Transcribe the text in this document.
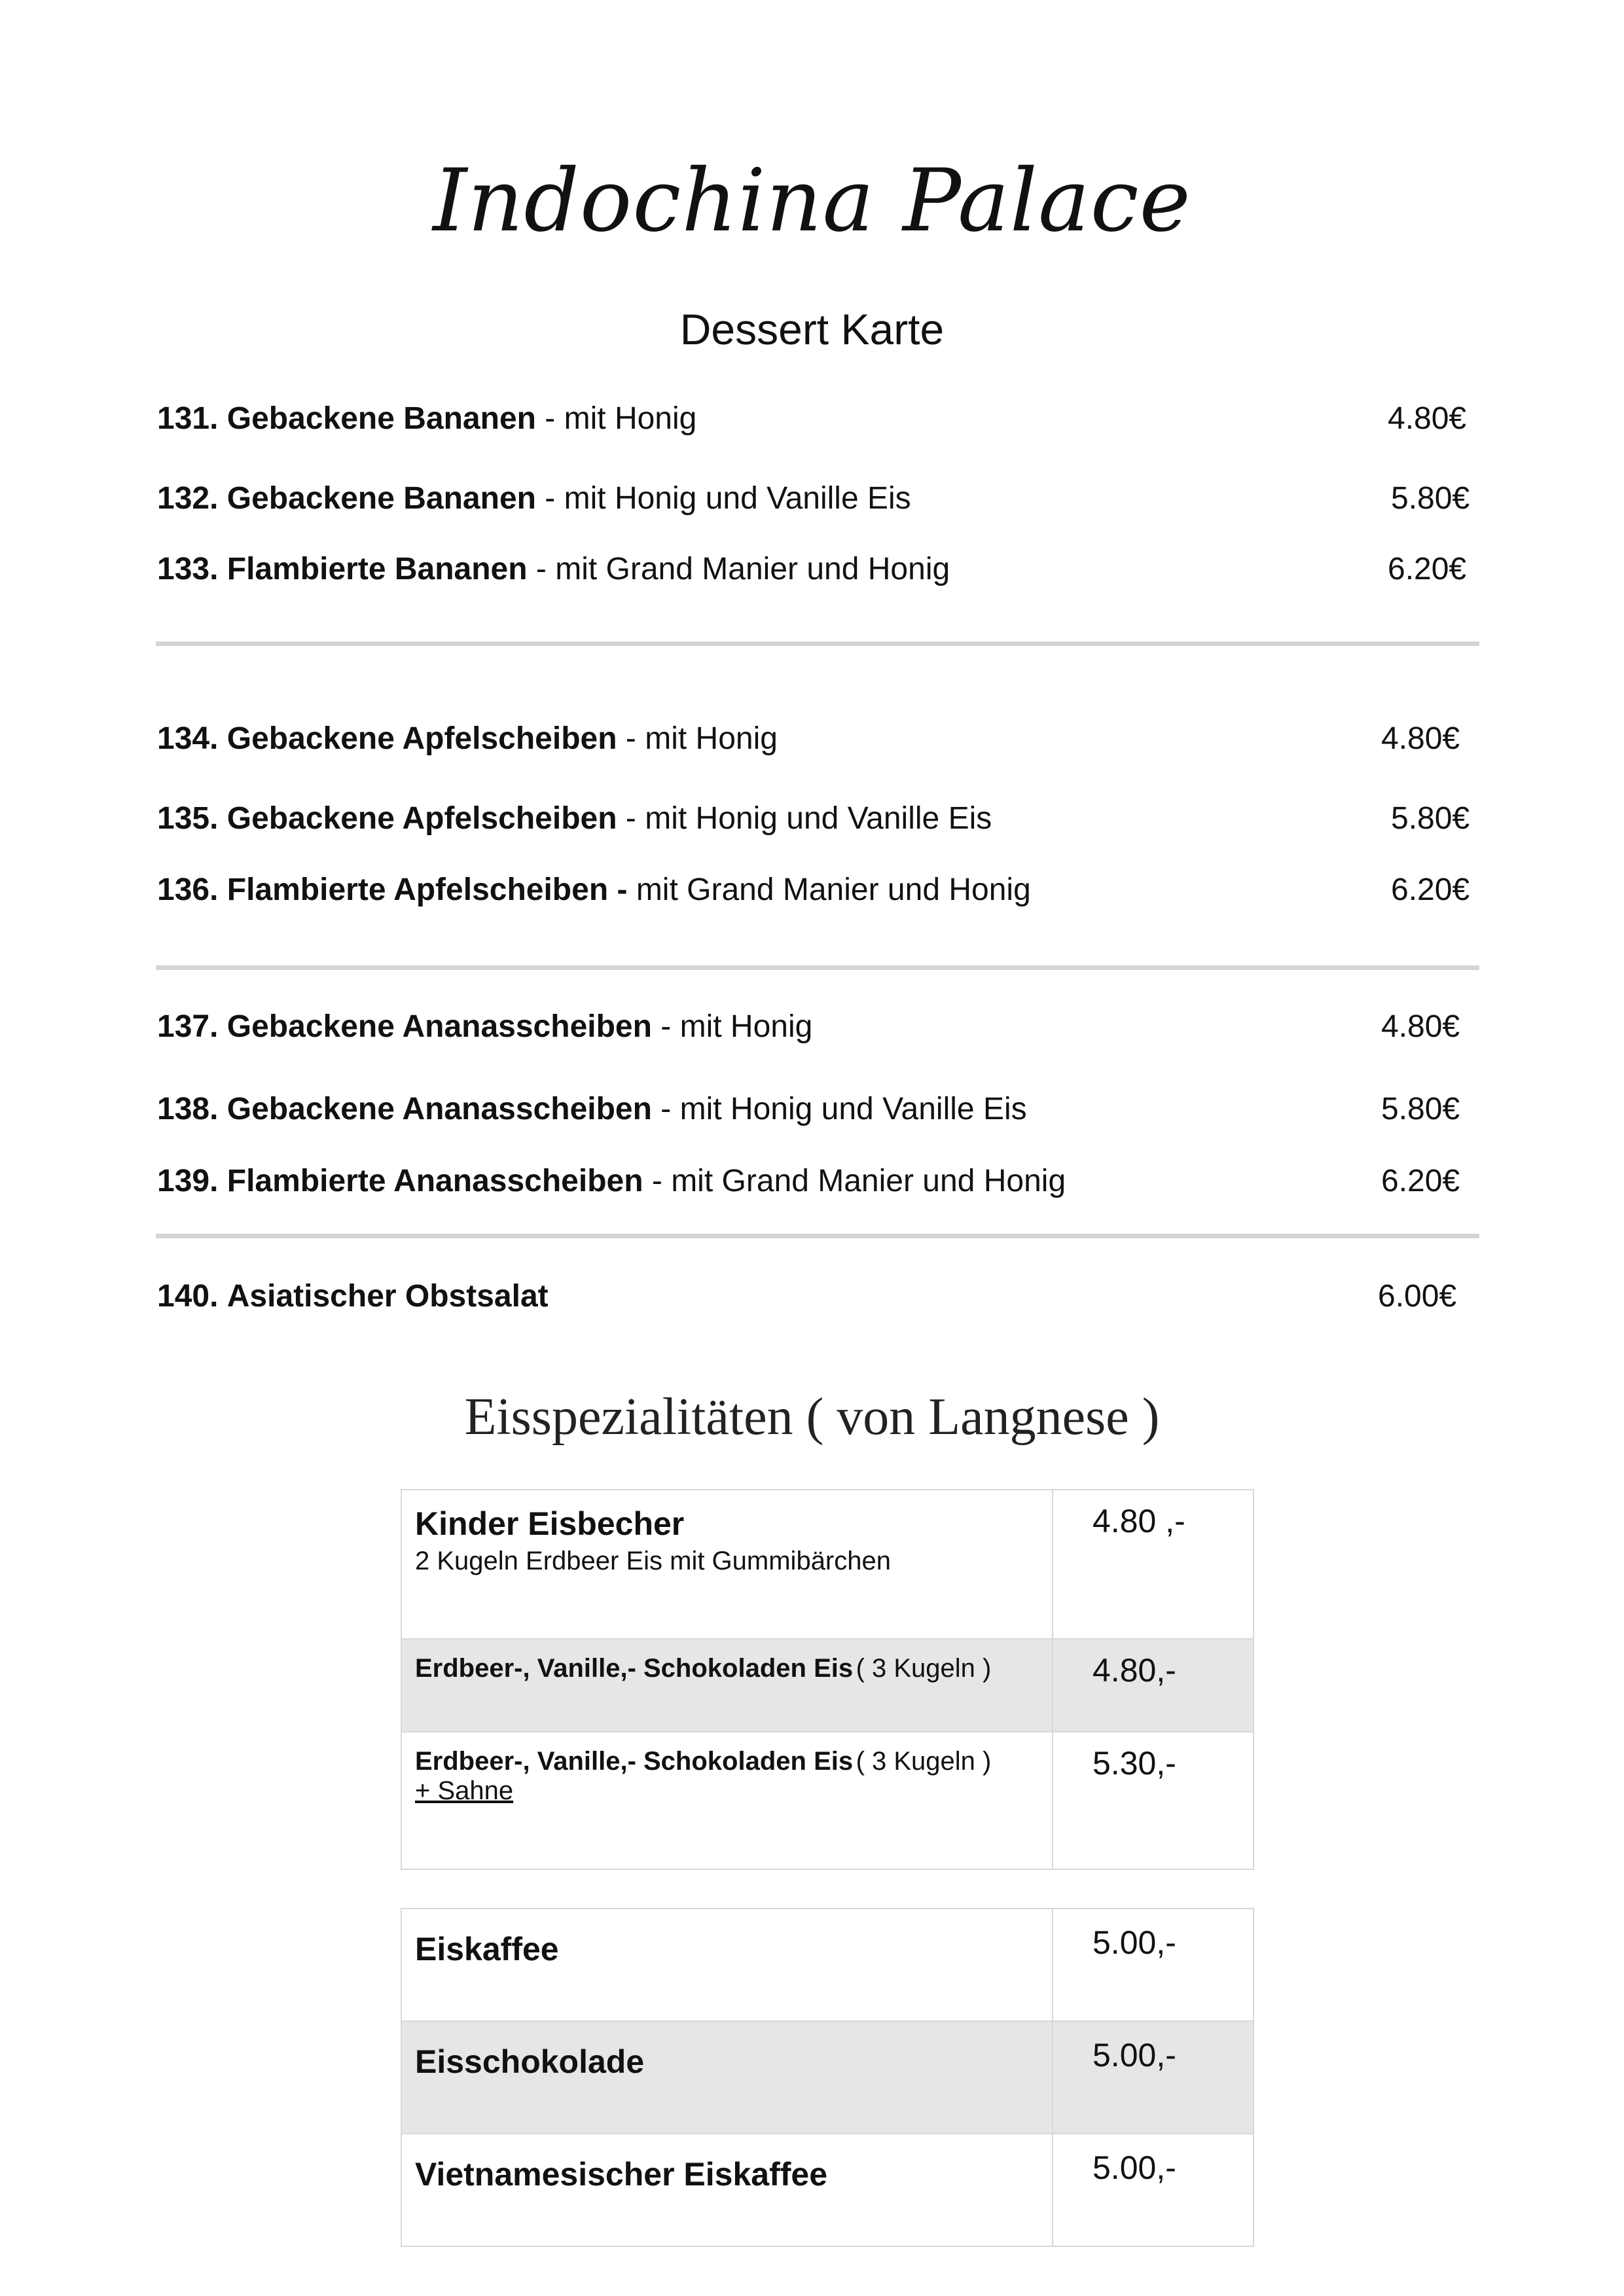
Indochina Palace
Dessert Karte
131. Gebackene Bananen - mit Honig	4.80€
132. Gebackene Bananen - mit Honig und Vanille Eis	5.80€
133. Flambierte Bananen - mit Grand Manier und Honig	6.20€
134. Gebackene Apfelscheiben - mit Honig	4.80€
135. Gebackene Apfelscheiben - mit Honig und Vanille Eis	5.80€
136. Flambierte Apfelscheiben - mit Grand Manier und Honig	6.20€
137. Gebackene Ananasscheiben - mit Honig	4.80€
138. Gebackene Ananasscheiben - mit Honig und Vanille Eis	5.80€
139. Flambierte Ananasscheiben - mit Grand Manier und Honig	6.20€
140. Asiatischer Obstsalat	6.00€
Eisspezialitäten ( von Langnese )
Kinder Eisbecher
2 Kugeln Erdbeer Eis mit Gummibärchen	4.80 ,-
Erdbeer-, Vanille,- Schokoladen Eis ( 3 Kugeln )	4.80,-
Erdbeer-, Vanille,- Schokoladen Eis ( 3 Kugeln )
+ Sahne	5.30,-
Eiskaffee	5.00,-

Eisschokolade	5.00,-

Vietnamesischer Eiskaffee	5.00,-
